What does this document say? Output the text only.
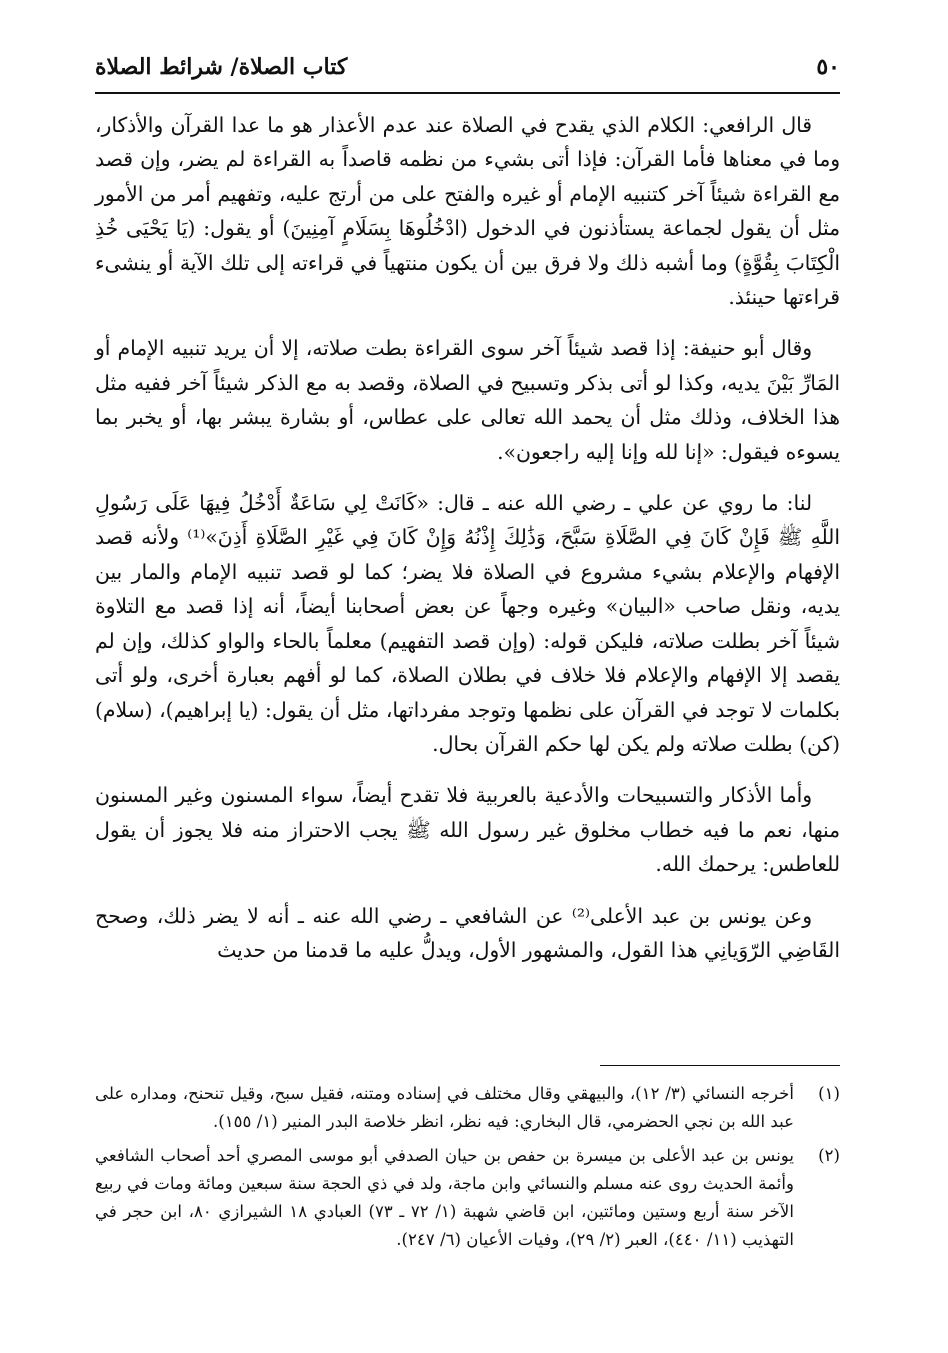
٥٠
كتاب الصلاة/ شرائط الصلاة

قال الرافعي: الكلام الذي يقدح في الصلاة عند عدم الأعذار هو ما عدا القرآن والأذكار، وما في معناها فأما القرآن: فإذا أتى بشيء من نظمه قاصداً به القراءة لم يضر، وإن قصد مع القراءة شيئاً آخر كتنبيه الإمام أو غيره والفتح على من أرتج عليه، وتفهيم أمر من الأمور مثل أن يقول لجماعة يستأذنون في الدخول (ادْخُلُوهَا بِسَلَامٍ آمِنِينَ) أو يقول: (يَا يَحْيَى خُذِ الْكِتَابَ بِقُوَّةٍ) وما أشبه ذلك ولا فرق بين أن يكون منتهياً في قراءته إلى تلك الآية أو ينشىء قراءتها حينئذ.

وقال أبو حنيفة: إذا قصد شيئاً آخر سوى القراءة بطت صلاته، إلا أن يريد تنبيه الإمام أو المَارِّ بَيْنَ يديه، وكذا لو أتى بذكر وتسبيح في الصلاة، وقصد به مع الذكر شيئاً آخر ففيه مثل هذا الخلاف، وذلك مثل أن يحمد الله تعالى على عطاس، أو بشارة يبشر بها، أو يخبر بما يسوءه فيقول: «إنا لله وإنا إليه راجعون».

لنا: ما روي عن علي ـ رضي الله عنه ـ قال: «كَانَتْ لِي سَاعَةٌ أَدْخُلُ فِيهَا عَلَى رَسُولِ اللَّهِ ﷺ فَإِنْ كَانَ فِي الصَّلَاةِ سَبَّحَ، وَذَٰلِكَ إِذْنُهُ وَإِنْ كَانَ فِي غَيْرِ الصَّلَاةِ أَذِنَ»⁽¹⁾ ولأنه قصد الإفهام والإعلام بشيء مشروع في الصلاة فلا يضر؛ كما لو قصد تنبيه الإمام والمار بين يديه، ونقل صاحب «البيان» وغيره وجهاً عن بعض أصحابنا أيضاً، أنه إذا قصد مع التلاوة شيئاً آخر بطلت صلاته، فليكن قوله: (وإن قصد التفهيم) معلماً بالحاء والواو كذلك، وإن لم يقصد إلا الإفهام والإعلام فلا خلاف في بطلان الصلاة، كما لو أفهم بعبارة أخرى، ولو أتى بكلمات لا توجد في القرآن على نظمها وتوجد مفرداتها، مثل أن يقول: (يا إبراهيم)، (سلام) (كن) بطلت صلاته ولم يكن لها حكم القرآن بحال.

وأما الأذكار والتسبيحات والأدعية بالعربية فلا تقدح أيضاً، سواء المسنون وغير المسنون منها، نعم ما فيه خطاب مخلوق غير رسول الله ﷺ يجب الاحتراز منه فلا يجوز أن يقول للعاطس: يرحمك الله.

وعن يونس بن عبد الأعلى⁽²⁾ عن الشافعي ـ رضي الله عنه ـ أنه لا يضر ذلك، وصحح القَاضِي الرّوَيانِي هذا القول، والمشهور الأول، ويدلُّ عليه ما قدمنا من حديث

(١)
أخرجه النسائي (٣/ ١٢)، والبيهقي وقال مختلف في إسناده ومتنه، فقيل سبح، وقيل تنحنح، ومداره على عبد الله بن نجي الحضرمي، قال البخاري: فيه نظر، انظر خلاصة البدر المنير (١/ ١٥٥).
(٢)
يونس بن عبد الأعلى بن ميسرة بن حفص بن حيان الصدفي أبو موسى المصري أحد أصحاب الشافعي وأئمة الحديث روى عنه مسلم والنسائي وابن ماجة، ولد في ذي الحجة سنة سبعين ومائة ومات في ربيع الآخر سنة أربع وستين ومائتين، ابن قاضي شهبة (١/ ٧٢ ـ ٧٣) العبادي ١٨ الشيرازي ٨٠، ابن حجر في التهذيب (١١/ ٤٤٠)، العبر (٢/ ٢٩)، وفيات الأعيان (٦/ ٢٤٧).
